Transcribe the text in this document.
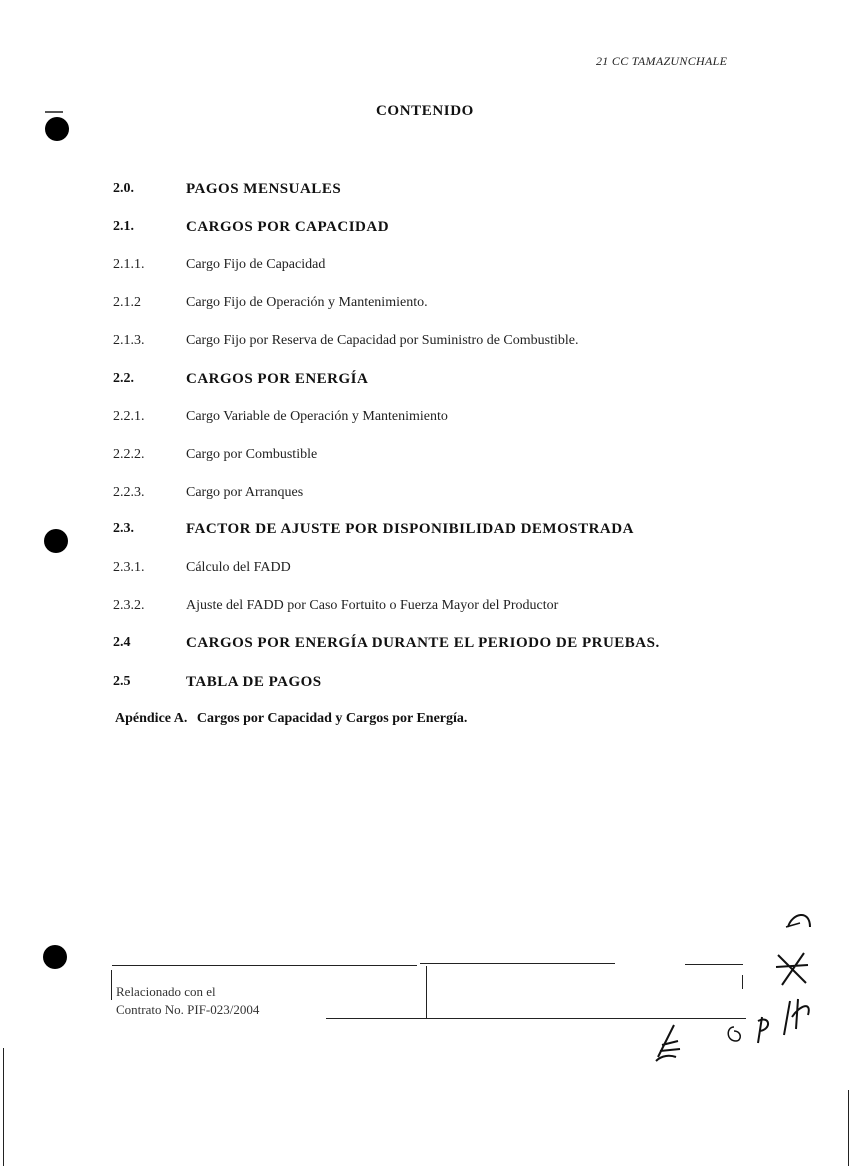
21 CC TAMAZUNCHALE
CONTENIDO
2.0.	PAGOS MENSUALES
2.1.	CARGOS POR CAPACIDAD
2.1.1.	Cargo Fijo de Capacidad
2.1.2	Cargo Fijo de Operación y Mantenimiento.
2.1.3.	Cargo Fijo por Reserva de Capacidad por Suministro de Combustible.
2.2.	CARGOS POR ENERGÍA
2.2.1.	Cargo Variable de Operación y Mantenimiento
2.2.2.	Cargo por Combustible
2.2.3.	Cargo por Arranques
2.3.	FACTOR DE AJUSTE POR DISPONIBILIDAD DEMOSTRADA
2.3.1.	Cálculo del FADD
2.3.2.	Ajuste del FADD por Caso Fortuito o Fuerza Mayor del Productor
2.4	CARGOS POR ENERGÍA DURANTE EL PERIODO DE PRUEBAS.
2.5	TABLA DE PAGOS
Apéndice A. Cargos por Capacidad y Cargos por Energía.
Relacionado con el
Contrato No. PIF-023/2004
